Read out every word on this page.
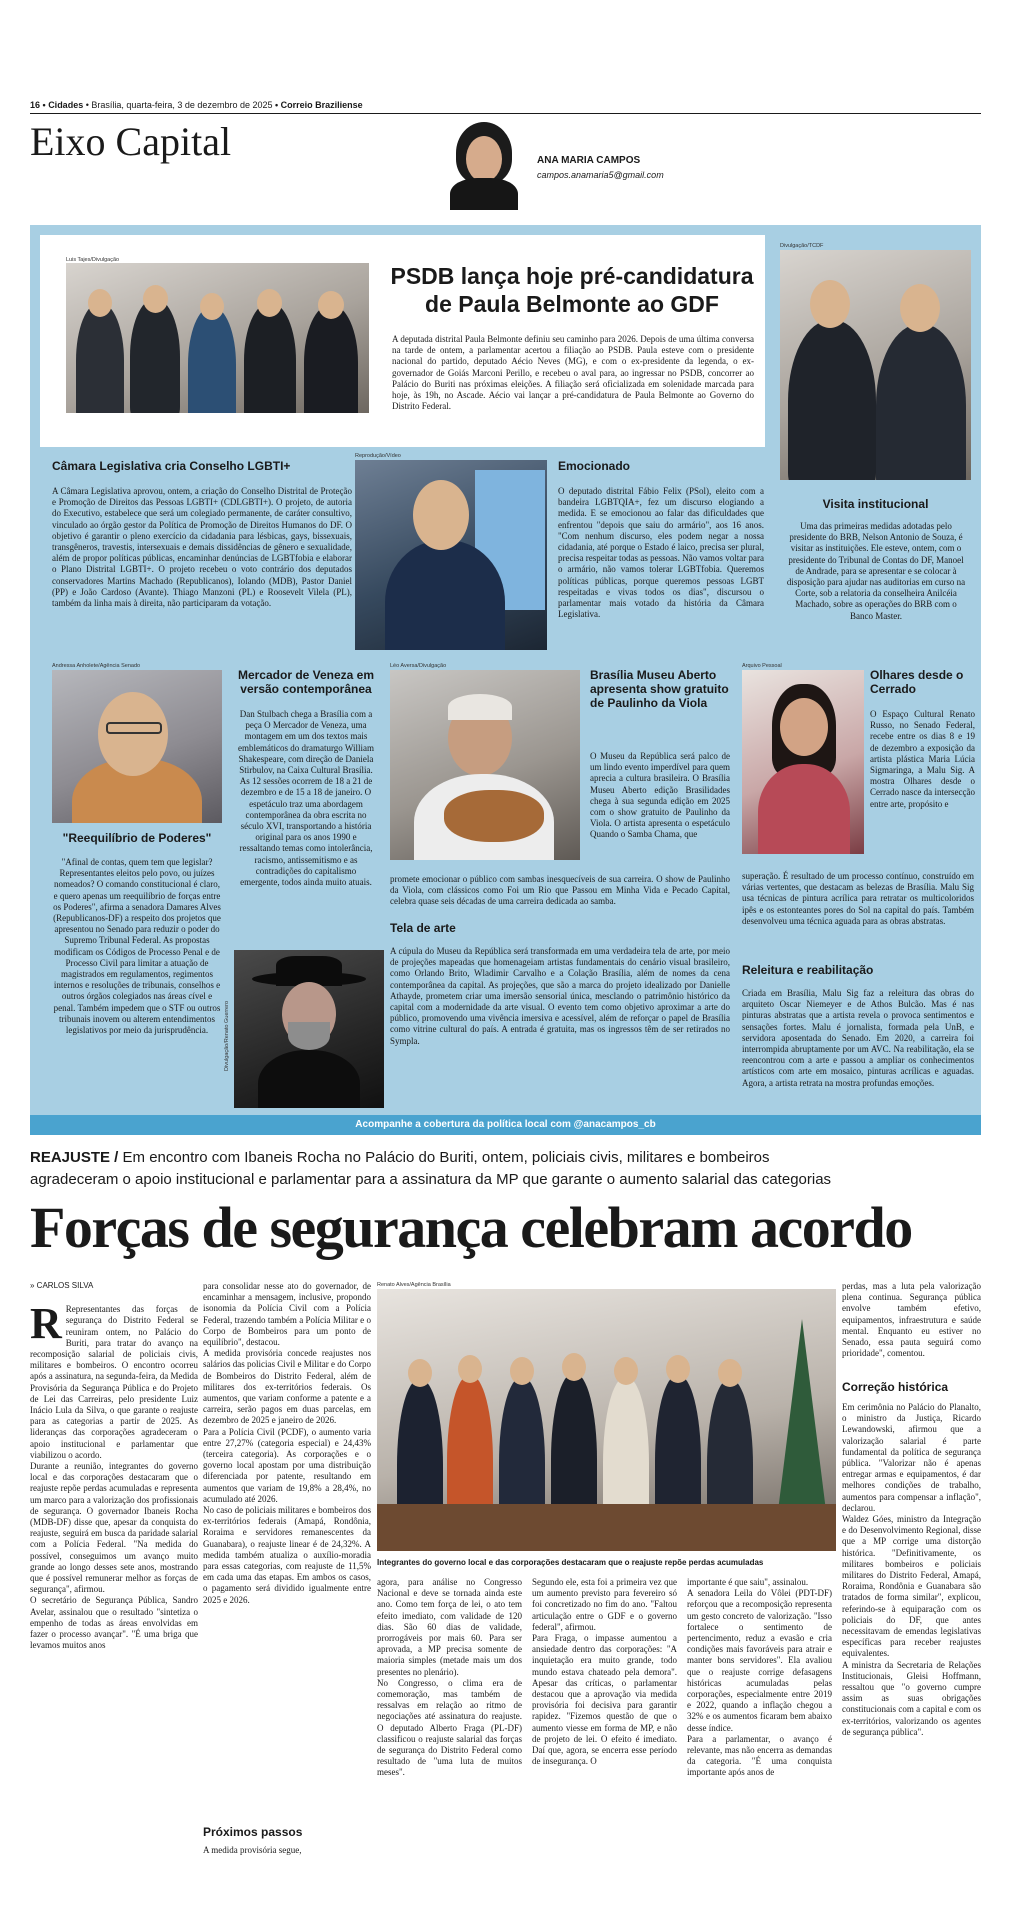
16 • Cidades • Brasília, quarta-feira, 3 de dezembro de 2025 • Correio Braziliense
Eixo Capital	ANA MARIA CAMPOS
campos.anamaria5@gmail.com
Luis Tajes/Divulgação
PSDB lança hoje pré-candidatura
de Paula Belmonte ao GDF
A deputada distrital Paula Belmonte definiu seu caminho para 2026. Depois de uma última conversa na tarde de ontem, a parlamentar acertou a filiação ao PSDB. Paula esteve com o presidente nacional do partido, deputado Aécio Neves (MG), e com o ex-presidente da legenda, o ex-governador de Goiás Marconi Perillo, e recebeu o aval para, ao ingressar no PSDB, concorrer ao Palácio do Buriti nas próximas eleições. A filiação será oficializada em solenidade marcada para hoje, às 19h, no Ascade. Aécio vai lançar a pré-candidatura de Paula Belmonte ao Governo do Distrito Federal.
Divulgação/TCDF
Visita institucional
Uma das primeiras medidas adotadas pelo presidente do BRB, Nelson Antonio de Souza, é visitar as instituições. Ele esteve, ontem, com o presidente do Tribunal de Contas do DF, Manoel de Andrade, para se apresentar e se colocar à disposição para ajudar nas auditorias em curso na Corte, sob a relatoria da conselheira Anilcéia Machado, sobre as operações do BRB com o Banco Master.
Câmara Legislativa cria Conselho LGBTI+
A Câmara Legislativa aprovou, ontem, a criação do Conselho Distrital de Proteção e Promoção de Direitos das Pessoas LGBTI+ (CDLGBTI+). O projeto, de autoria do Executivo, estabelece que será um colegiado permanente, de caráter consultivo, vinculado ao órgão gestor da Política de Promoção de Direitos Humanos do DF. O objetivo é garantir o pleno exercício da cidadania para lésbicas, gays, bissexuais, transgêneros, travestis, intersexuais e demais dissidências de gênero e sexualidade, além de propor políticas públicas, encaminhar denúncias de LGBTfobia e elaborar o Plano Distrital LGBTI+. O projeto recebeu o voto contrário dos deputados conservadores Martins Machado (Republicanos), Iolando (MDB), Pastor Daniel (PP) e João Cardoso (Avante). Thiago Manzoni (PL) e Roosevelt Vilela (PL), também da linha mais à direita, não participaram da votação.
Reprodução/Vídeo
Emocionado
O deputado distrital Fábio Felix (PSol), eleito com a bandeira LGBTQIA+, fez um discurso elogiando a medida. E se emocionou ao falar das dificuldades que enfrentou "depois que saiu do armário", aos 16 anos. "Com nenhum discurso, eles podem negar a nossa cidadania, até porque o Estado é laico, precisa ser plural, precisa respeitar todas as pessoas. Não vamos voltar para o armário, não vamos tolerar LGBTfobia. Queremos políticas públicas, porque queremos pessoas LGBT respeitadas e vivas todos os dias", discursou o parlamentar mais votado da história da Câmara Legislativa.
Andressa Anholete/Agência Senado
"Reequilíbrio de Poderes"
"Afinal de contas, quem tem que legislar? Representantes eleitos pelo povo, ou juízes nomeados? O comando constitucional é claro, e quero apenas um reequilíbrio de forças entre os Poderes", afirma a senadora Damares Alves (Republicanos-DF) a respeito dos projetos que apresentou no Senado para reduzir o poder do Supremo Tribunal Federal. As propostas modificam os Códigos de Processo Penal e de Processo Civil para limitar a atuação de magistrados em regulamentos, regimentos internos e resoluções de tribunais, conselhos e outros órgãos colegiados nas áreas cível e penal. Também impedem que o STF ou outros tribunais inovem ou alterem entendimentos legislativos por meio da jurisprudência.
Mercador de Veneza em versão contemporânea
Dan Stulbach chega a Brasília com a peça O Mercador de Veneza, uma montagem em um dos textos mais emblemáticos do dramaturgo William Shakespeare, com direção de Daniela Stirbulov, na Caixa Cultural Brasília. As 12 sessões ocorrem de 18 a 21 de dezembro e de 15 a 18 de janeiro. O espetáculo traz uma abordagem contemporânea da obra escrita no século XVI, transportando a história original para os anos 1990 e ressaltando temas como intolerância, racismo, antissemitismo e as contradições do capitalismo emergente, todos ainda muito atuais.
Divulgação/Renato Guerrero
Léo Aversa/Divulgação
Brasília Museu Aberto apresenta show gratuito de Paulinho da Viola
O Museu da República será palco de um lindo evento imperdível para quem aprecia a cultura brasileira. O Brasília Museu Aberto edição Brasilidades chega à sua segunda edição em 2025 com o show gratuito de Paulinho da Viola. O artista apresenta o espetáculo Quando o Samba Chama, que
promete emocionar o público com sambas inesquecíveis de sua carreira. O show de Paulinho da Viola, com clássicos como Foi um Rio que Passou em Minha Vida e Pecado Capital, celebra quase seis décadas de uma carreira dedicada ao samba.
Tela de arte
A cúpula do Museu da República será transformada em uma verdadeira tela de arte, por meio de projeções mapeadas que homenageiam artistas fundamentais do cenário visual brasileiro, como Orlando Brito, Wladimir Carvalho e a Colação Brasília, além de nomes da cena contemporânea da capital. As projeções, que são a marca do projeto idealizado por Danielle Athayde, prometem criar uma imersão sensorial única, mesclando o patrimônio histórico da capital com a modernidade da arte visual. O evento tem como objetivo aproximar a arte do público, promovendo uma vivência imersiva e acessível, além de reforçar o papel de Brasília como vitrine cultural do país. A entrada é gratuita, mas os ingressos têm de ser retirados no Sympla.
Arquivo Pessoal
Olhares desde o Cerrado
O Espaço Cultural Renato Russo, no Senado Federal, recebe entre os dias 8 e 19 de dezembro a exposição da artista plástica Maria Lúcia Sigmaringa, a Malu Sig. A mostra Olhares desde o Cerrado nasce da intersecção entre arte, propósito e
superação. É resultado de um processo contínuo, construído em várias vertentes, que destacam as belezas de Brasília. Malu Sig usa técnicas de pintura acrílica para retratar os multicoloridos ipês e os estonteantes pores do Sol na capital do país. Também desenvolveu uma técnica aguada para as obras abstratas.
Releitura e reabilitação
Criada em Brasília, Malu Sig faz a releitura das obras do arquiteto Oscar Niemeyer e de Athos Bulcão. Mas é nas pinturas abstratas que a artista revela o provoca sentimentos e sensações fortes. Malu é jornalista, formada pela UnB, e servidora aposentada do Senado. Em 2020, a carreira foi interrompida abruptamente por um AVC. Na reabilitação, ela se reencontrou com a arte e passou a ampliar os conhecimentos artísticos com arte em mosaico, pinturas acrílicas e aguadas. Agora, a artista retrata na mostra profundas emoções.
Acompanhe a cobertura da política local com @anacampos_cb
REAJUSTE / Em encontro com Ibaneis Rocha no Palácio do Buriti, ontem, policiais civis, militares e bombeiros
agradeceram o apoio institucional e parlamentar para a assinatura da MP que garante o aumento salarial das categorias
Forças de segurança celebram acordo
» CARLOS SILVA

R Representantes das forças de segurança do Distrito Federal se reuniram ontem, no Palácio do Buriti, para tratar do avanço na recomposição salarial de policiais civis, militares e bombeiros. O encontro ocorreu após a assinatura, na segunda-feira, da Medida Provisória da Segurança Pública e do Projeto de Lei das Carreiras, pelo presidente Luiz Inácio Lula da Silva, o que garante o reajuste para as categorias a partir de 2025. As lideranças das corporações agradeceram o apoio institucional e parlamentar que viabilizou o acordo.
Durante a reunião, integrantes do governo local e das corporações destacaram que o reajuste repõe perdas acumuladas e representa um marco para a valorização dos profissionais de segurança. O governador Ibaneis Rocha (MDB-DF) disse que, apesar da conquista do reajuste, seguirá em busca da paridade salarial com a Polícia Federal. "Na medida do possível, conseguimos um avanço muito grande ao longo desses sete anos, mostrando que é possível remunerar melhor as forças de segurança", afirmou.
O secretário de Segurança Pública, Sandro Avelar, assinalou que o resultado "sintetiza o empenho de todas as áreas envolvidas em fazer o processo avançar". "É uma briga que levamos muitos anos

para consolidar nesse ato do governador, de encaminhar a mensagem, inclusive, propondo isonomia da Polícia Civil com a Polícia Federal, trazendo também a Polícia Militar e o Corpo de Bombeiros para um ponto de equilíbrio", destacou.
A medida provisória concede reajustes nos salários das policias Civil e Militar e do Corpo de Bombeiros do Distrito Federal, além de militares dos ex-territórios federais. Os aumentos, que variam conforme a patente e a carreira, serão pagos em duas parcelas, em dezembro de 2025 e janeiro de 2026.
Para a Polícia Civil (PCDF), o aumento varia entre 27,27% (categoria especial) e 24,43% (terceira categoria). As corporações e o governo local apostam por uma distribuição diferenciada por patente, resultando em aumentos que variam de 19,8% a 28,4%, no acumulado até 2026.
No caso de policiais militares e bombeiros dos ex-territórios federais (Amapá, Rondônia, Roraima e servidores remanescentes da Guanabara), o reajuste linear é de 24,32%. A medida também atualiza o auxílio-moradia para essas categorias, com reajuste de 11,5% em cada uma das etapas. Em ambos os casos, o pagamento será dividido igualmente entre 2025 e 2026.
Próximos passos
A medida provisória segue,
Renato Alves/Agência Brasília
Integrantes do governo local e das corporações destacaram que o reajuste repõe perdas acumuladas
agora, para análise no Congresso Nacional e deve se tornada ainda este ano. Como tem força de lei, o ato tem efeito imediato, com validade de 120 dias. São 60 dias de validade, prorrogáveis por mais 60. Para ser aprovada, a MP precisa somente de maioria simples (metade mais um dos presentes no plenário).
No Congresso, o clima era de comemoração, mas também de ressalvas em relação ao ritmo de negociações até assinatura do reajuste. O deputado Alberto Fraga (PL-DF) classificou o reajuste salarial das forças de segurança do Distrito Federal como resultado de "uma luta de muitos meses".
Segundo ele, esta foi a primeira vez que um aumento previsto para fevereiro só foi concretizado no fim do ano. "Faltou articulação entre o GDF e o governo federal", afirmou.
Para Fraga, o impasse aumentou a ansiedade dentro das corporações: "A inquietação era muito grande, todo mundo estava chateado pela demora". Apesar das críticas, o parlamentar destacou que a aprovação via medida provisória foi decisiva para garantir rapidez. "Fizemos questão de que o aumento viesse em forma de MP, e não de projeto de lei. O efeito é imediato. Daí que, agora, se encerra esse período de insegurança. O
importante é que saiu", assinalou.
A senadora Leila do Vôlei (PDT-DF) reforçou que a recomposição representa um gesto concreto de valorização. "Isso fortalece o sentimento de pertencimento, reduz a evasão e cria condições mais favoráveis para atrair e manter bons servidores". Ela avaliou que o reajuste corrige defasagens históricas acumuladas pelas corporações, especialmente entre 2019 e 2022, quando a inflação chegou a 32% e os aumentos ficaram bem abaixo desse índice.
Para a parlamentar, o avanço é relevante, mas não encerra as demandas da categoria. "É uma conquista importante após anos de
perdas, mas a luta pela valorização plena continua. Segurança pública envolve também efetivo, equipamentos, infraestrutura e saúde mental. Enquanto eu estiver no Senado, essa pauta seguirá como prioridade", comentou.
Correção histórica
Em cerimônia no Palácio do Planalto, o ministro da Justiça, Ricardo Lewandowski, afirmou que a valorização salarial é parte fundamental da política de segurança pública. "Valorizar não é apenas entregar armas e equipamentos, é dar melhores condições de trabalho, aumentos para compensar a inflação", declarou.
Waldez Góes, ministro da Integração e do Desenvolvimento Regional, disse que a MP corrige uma distorção histórica. "Definitivamente, os militares bombeiros e policiais militares do Distrito Federal, Amapá, Roraima, Rondônia e Guanabara são tratados de forma similar", explicou, referindo-se à equiparação com os policiais do DF, que antes necessitavam de emendas legislativas específicas para receber reajustes equivalentes.
A ministra da Secretaria de Relações Institucionais, Gleisi Hoffmann, ressaltou que "o governo cumpre assim as suas obrigações constitucionais com a capital e com os ex-territórios, valorizando os agentes de segurança pública".
